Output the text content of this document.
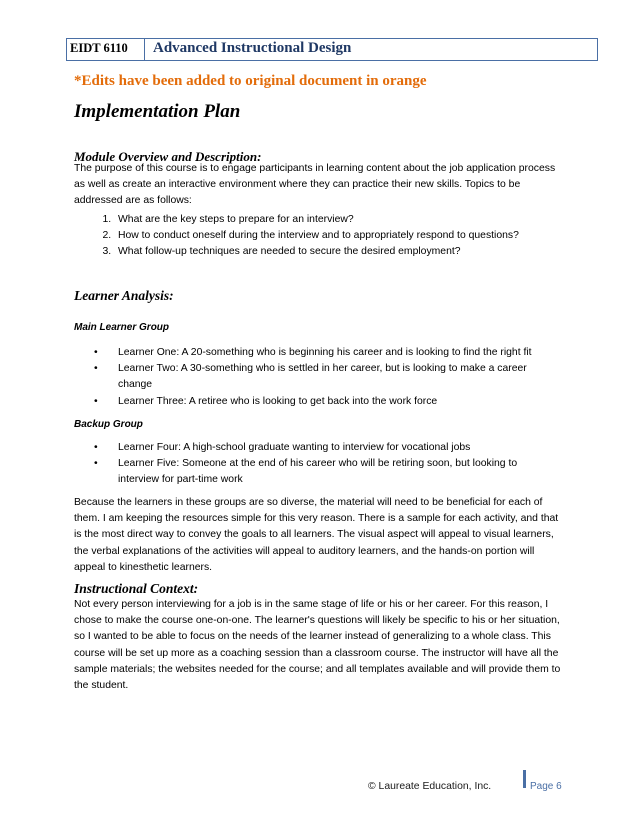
EIDT 6110	Advanced Instructional Design
*Edits have been added to original document in orange
Implementation Plan
Module Overview and Description:

The purpose of this course is to engage participants in learning content about the job application process as well as create an interactive environment where they can practice their new skills. Topics to be addressed are as follows:

1. What are the key steps to prepare for an interview?
2. How to conduct oneself during the interview and to appropriately respond to questions?
3. What follow-up techniques are needed to secure the desired employment?
Learner Analysis:
Main Learner Group
• Learner One: A 20-something who is beginning his career and is looking to find the right fit
• Learner Two: A 30-something who is settled in her career, but is looking to make a career change
• Learner Three: A retiree who is looking to get back into the work force
Backup Group
• Learner Four: A high-school graduate wanting to interview for vocational jobs
• Learner Five: Someone at the end of his career who will be retiring soon, but looking to interview for part-time work

Because the learners in these groups are so diverse, the material will need to be beneficial for each of them. I am keeping the resources simple for this very reason. There is a sample for each activity, and that is the most direct way to convey the goals to all learners. The visual aspect will appeal to visual learners, the verbal explanations of the activities will appeal to auditory learners, and the hands-on portion will appeal to kinesthetic learners.

Instructional Context:

Not every person interviewing for a job is in the same stage of life or his or her career. For this reason, I chose to make the course one-on-one. The learner's questions will likely be specific to his or her situation, so I wanted to be able to focus on the needs of the learner instead of generalizing to a whole class. This course will be set up more as a coaching session than a classroom course. The instructor will have all the sample materials; the websites needed for the course; and all templates available and will provide them to the student.

© Laureate Education, Inc.	Page 6
